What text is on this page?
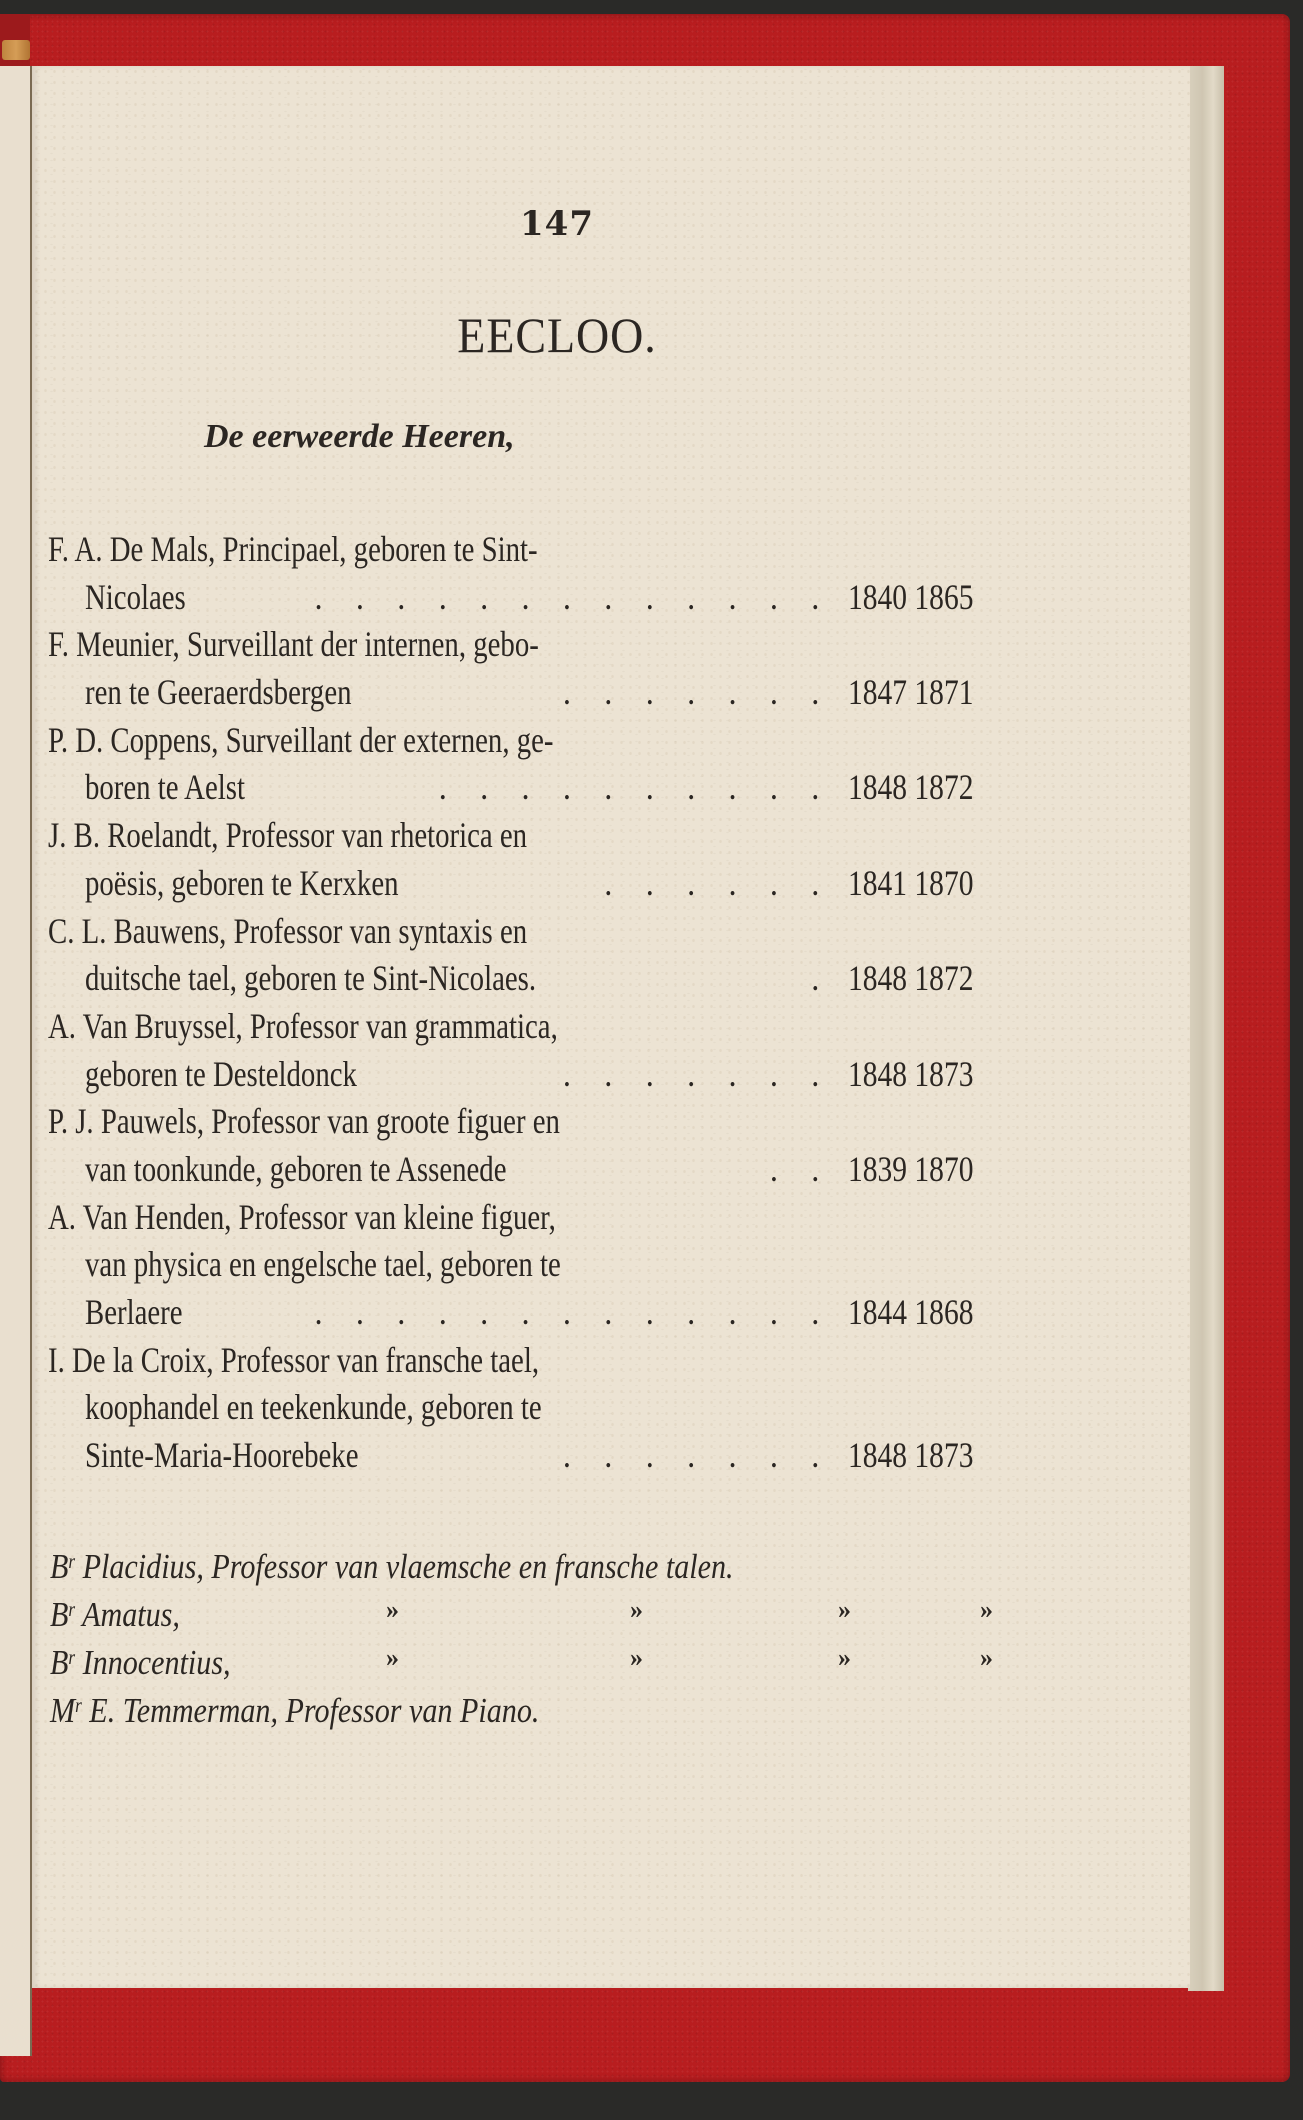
147
EECLOO.
De eerweerde Heeren,
F. A. De Mals, Principael, geboren te Sint-
Nicolaes	. . . . . . . . . . . . . 1840 1865
F. Meunier, Surveillant der internen, gebo-
ren te Geeraerdsbergen	. . . . . . . 1847 1871
P. D. Coppens, Surveillant der externen, ge-
boren te Aelst	. . . . . . . . . . 1848 1872
J. B. Roelandt, Professor van rhetorica en
poësis, geboren te Kerxken	. . . . . . 1841 1870
C. L. Bauwens, Professor van syntaxis en
duitsche tael, geboren te Sint-Nicolaes.	. 1848 1872
A. Van Bruyssel, Professor van grammatica,
geboren te Desteldonck	. . . . . . . 1848 1873
P. J. Pauwels, Professor van groote figuer en
van toonkunde, geboren te Assenede	. . 1839 1870
A. Van Henden, Professor van kleine figuer,
van physica en engelsche tael, geboren te
Berlaere	. . . . . . . . . . . . . 1844 1868
I. De la Croix, Professor van fransche tael,
koophandel en teekenkunde, geboren te
Sinte-Maria-Hoorebeke	. . . . . . . 1848 1873
$B^r$ Placidius, Professor van vlaemsche en fransche talen.
$B^r$ Amatus,	»	»	»	»
$B^r$ Innocentius,	»	»	»	»
$M^r$ E. Temmerman, Professor van Piano.
